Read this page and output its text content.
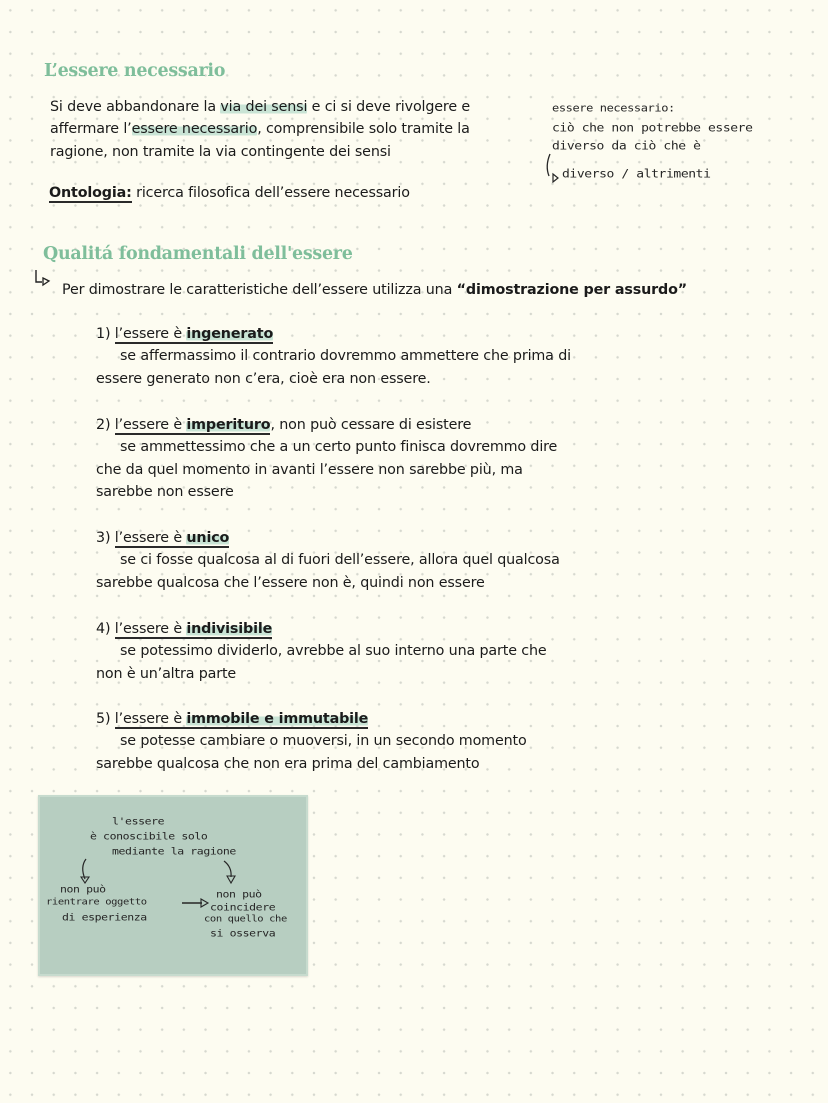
L’essere necessario
Si deve abbandonare la via dei sensi e ci si deve rivolgere e
affermare l’essere necessario, comprensibile solo tramite la
ragione, non tramite la via contingente dei sensi
Ontologia: ricerca filosofica dell’essere necessario
essere necessario:
ciò che non potrebbe essere
diverso da ciò che è
diverso / altrimenti
Qualitá fondamentali dell'essere
Per dimostrare le caratteristiche dell’essere utilizza una “dimostrazione per assurdo”
1) l’essere è ingenerato
se affermassimo il contrario dovremmo ammettere che prima di
essere generato non c’era, cioè era non essere.
2) l’essere è imperituro, non può cessare di esistere
se ammettessimo che a un certo punto finisca dovremmo dire
che da quel momento in avanti l’essere non sarebbe più, ma
sarebbe non essere
3) l’essere è unico
se ci fosse qualcosa al di fuori dell’essere, allora quel qualcosa
sarebbe qualcosa che l’essere non è, quindi non essere
4) l’essere è indivisibile
se potessimo dividerlo, avrebbe al suo interno una parte che
non è un’altra parte
5) l’essere è immobile e immutabile
se potesse cambiare o muoversi, in un secondo momento
sarebbe qualcosa che non era prima del cambiamento
l'essere
è conoscibile solo
mediante la ragione
non può
rientrare oggetto
di esperienza
non può
coincidere
con quello che
si osserva
